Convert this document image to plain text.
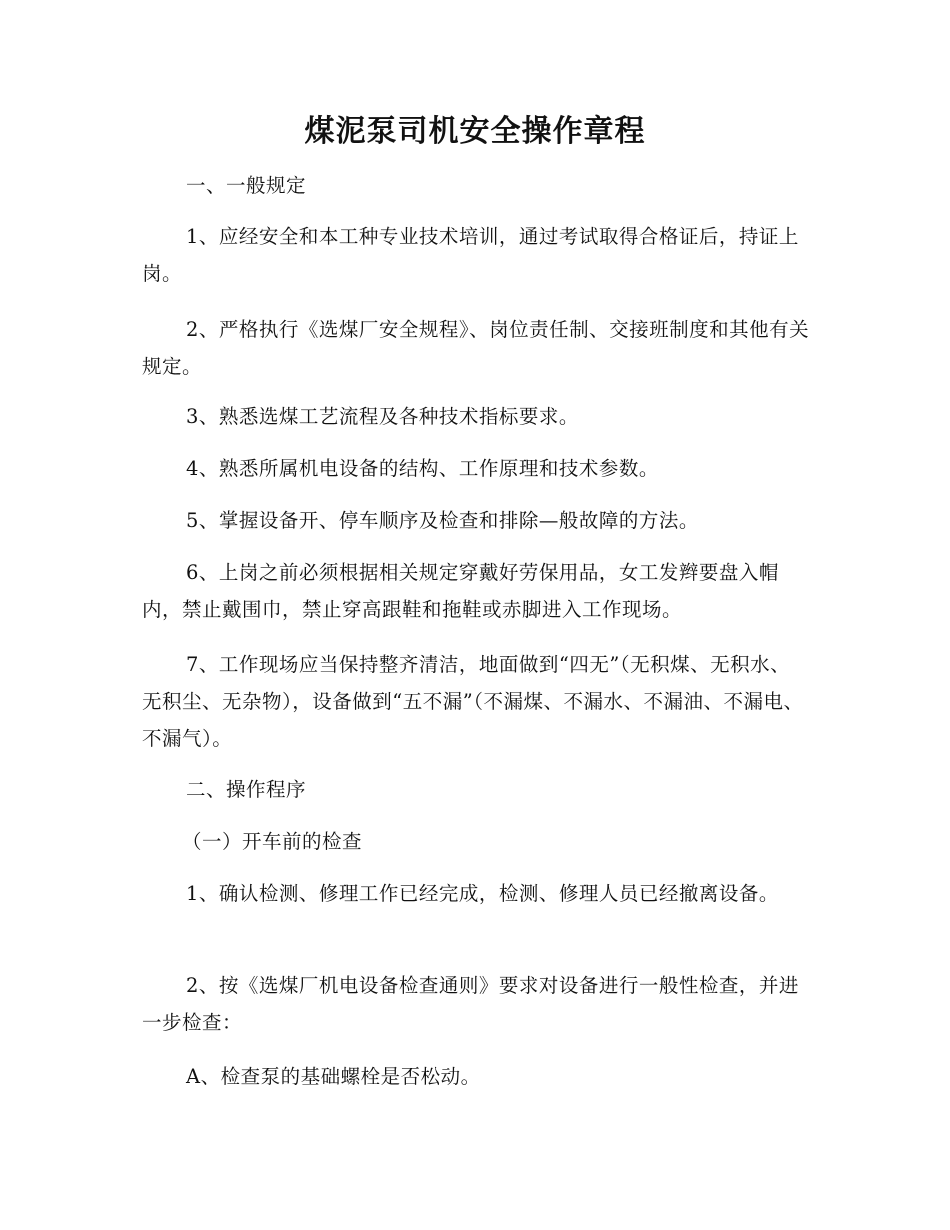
煤泥泵司机安全操作章程

一、一般规定

1、应经安全和本工种专业技术培训，通过考试取得合格证后，持证上岗。

2、严格执行《选煤厂安全规程》、岗位责任制、交接班制度和其他有关规定。

3、熟悉选煤工艺流程及各种技术指标要求。

4、熟悉所属机电设备的结构、工作原理和技术参数。

5、掌握设备开、停车顺序及检查和排除—般故障的方法。

6、上岗之前必须根据相关规定穿戴好劳保用品，女工发辫要盘入帽内，禁止戴围巾，禁止穿高跟鞋和拖鞋或赤脚进入工作现场。

7、工作现场应当保持整齐清洁，地面做到“四无”（无积煤、无积水、无积尘、无杂物），设备做到“五不漏”（不漏煤、不漏水、不漏油、不漏电、不漏气）。

二、操作程序

（一）开车前的检查

1、确认检测、修理工作已经完成，检测、修理人员已经撤离设备。

2、按《选煤厂机电设备检查通则》要求对设备进行一般性检查，并进一步检查：

A、检查泵的基础螺栓是否松动。
